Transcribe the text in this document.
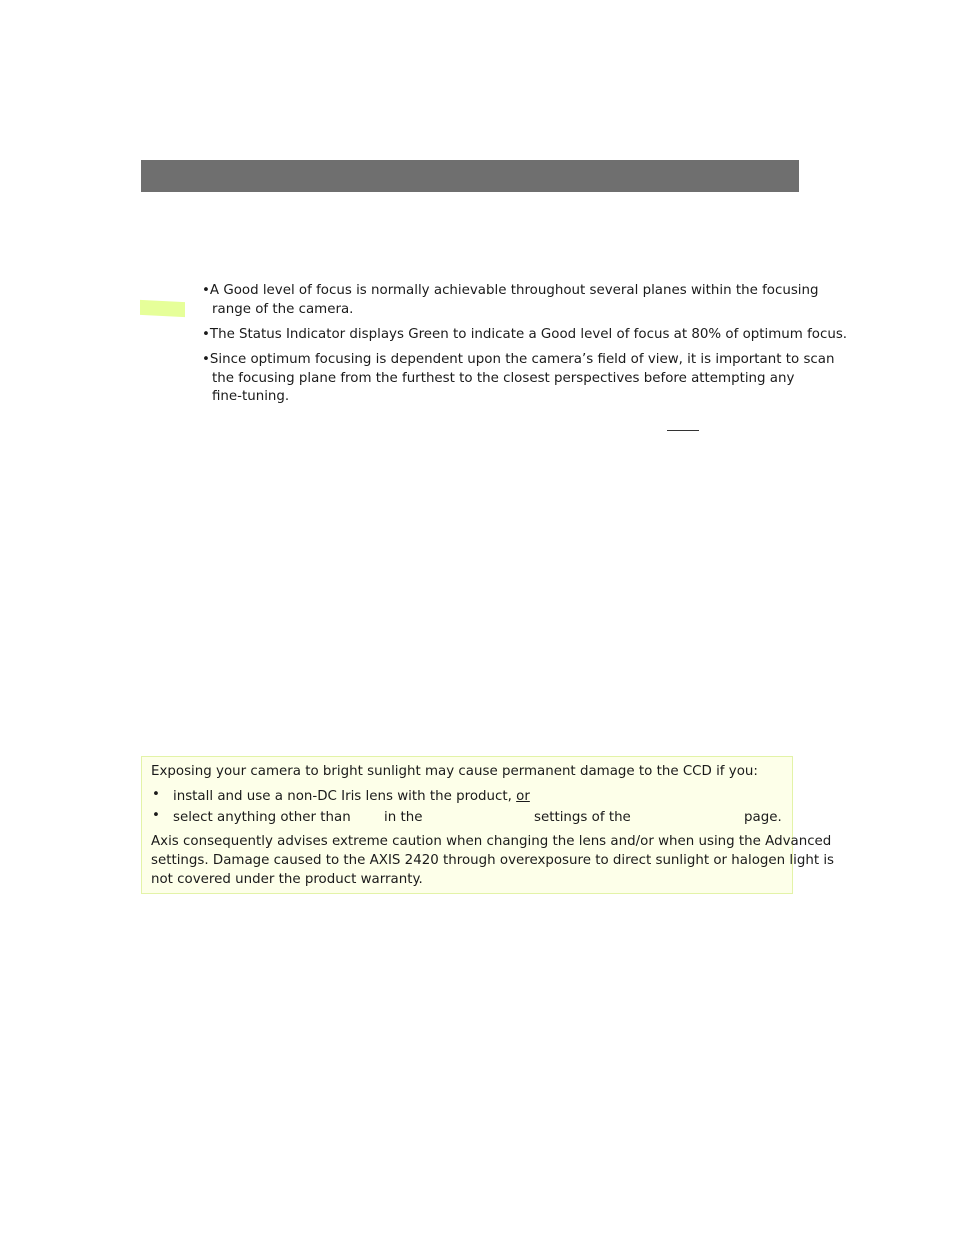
•A Good level of focus is normally achievable throughout several planes within the focusing
range of the camera.
•The Status Indicator displays Green to indicate a Good level of focus at 80% of optimum focus.
•Since optimum focusing is dependent upon the camera’s field of view, it is important to scan
the focusing plane from the furthest to the closest perspectives before attempting any
fine-tuning.
Exposing your camera to bright sunlight may cause permanent damage to the CCD if you:
• install and use a non-DC Iris lens with the product, or
• select anything other than in the	settings of the	page.
Axis consequently advises extreme caution when changing the lens and/or when using the Advanced
settings. Damage caused to the AXIS 2420 through overexposure to direct sunlight or halogen light is
not covered under the product warranty.
